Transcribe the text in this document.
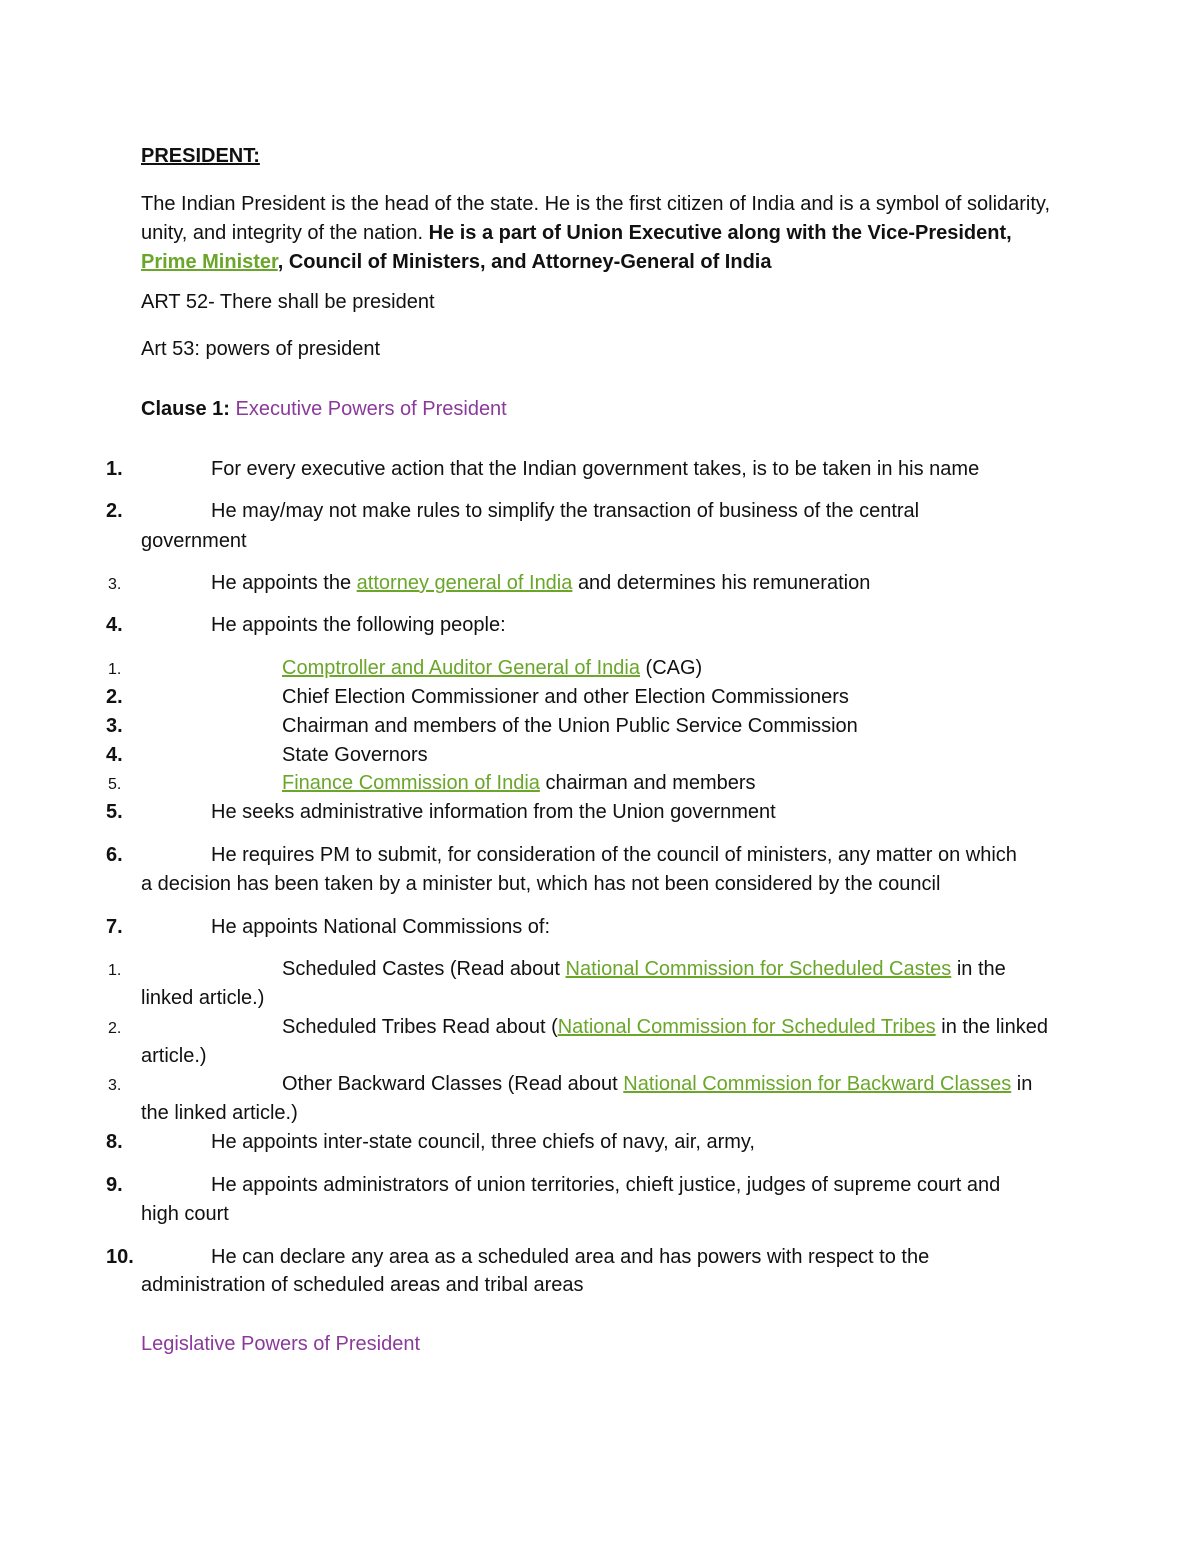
PRESIDENT:
The Indian President is the head of the state. He is the first citizen of India and is a symbol of solidarity, unity, and integrity of the nation. He is a part of Union Executive along with the Vice-President, Prime Minister, Council of Ministers, and Attorney-General of India
ART 52- There shall be president
Art 53: powers of president
Clause 1: Executive Powers of President
1.	For every executive action that the Indian government takes, is to be taken in his name
2.	He may/may not make rules to simplify the transaction of business of the central
government
3.	He appoints the attorney general of India and determines his remuneration
4.	He appoints the following people:
1.	Comptroller and Auditor General of India (CAG)
2.	Chief Election Commissioner and other Election Commissioners
3.	Chairman and members of the Union Public Service Commission
4.	State Governors
5.	Finance Commission of India chairman and members
5.	He seeks administrative information from the Union government
6.	He requires PM to submit, for consideration of the council of ministers, any matter on which
a decision has been taken by a minister but, which has not been considered by the council
7.	He appoints National Commissions of:
1.	Scheduled Castes (Read about National Commission for Scheduled Castes in the
linked article.)
2.	Scheduled Tribes Read about (National Commission for Scheduled Tribes in the linked
article.)
3.	Other Backward Classes (Read about National Commission for Backward Classes in
the linked article.)
8.	He appoints inter-state council, three chiefs of navy, air, army,
9.	He appoints administrators of union territories, chieft justice, judges of supreme court and
high court
10.	He can declare any area as a scheduled area and has powers with respect to the
administration of scheduled areas and tribal areas
Legislative Powers of President
